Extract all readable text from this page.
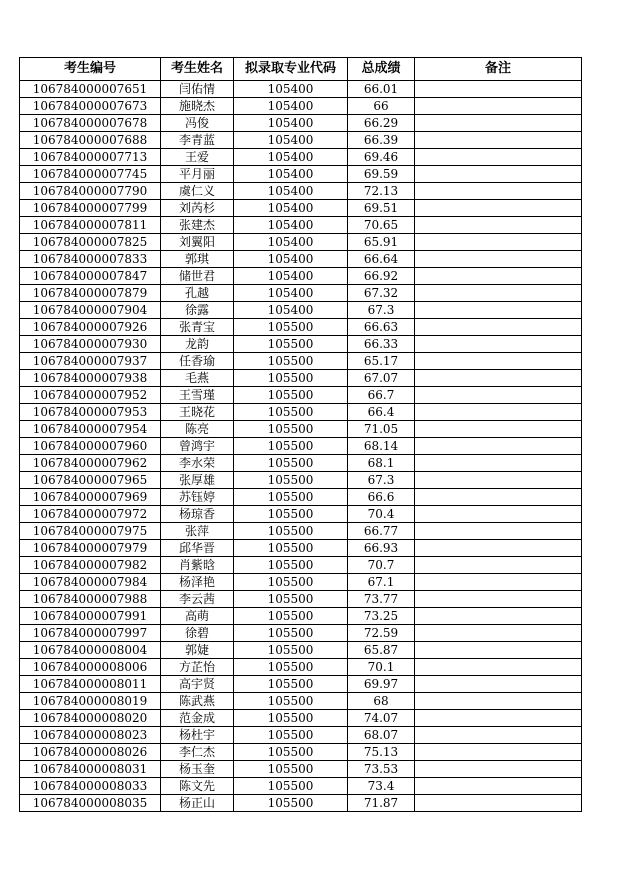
考生编号	考生姓名	拟录取专业代码	总成绩	备注
106784000007651	闫佑情	105400	66.01	
106784000007673	施晓杰	105400	66	
106784000007678	冯俊	105400	66.29	
106784000007688	李青蓝	105400	66.39	
106784000007713	王爱	105400	69.46	
106784000007745	平月丽	105400	69.59	
106784000007790	虞仁义	105400	72.13	
106784000007799	刘芮杉	105400	69.51	
106784000007811	张建杰	105400	70.65	
106784000007825	刘翼阳	105400	65.91	
106784000007833	郭琪	105400	66.64	
106784000007847	储世君	105400	66.92	
106784000007879	孔越	105400	67.32	
106784000007904	徐露	105400	67.3	
106784000007926	张青宝	105500	66.63	
106784000007930	龙韵	105500	66.33	
106784000007937	任香瑜	105500	65.17	
106784000007938	毛燕	105500	67.07	
106784000007952	王雪瑾	105500	66.7	
106784000007953	王晓花	105500	66.4	
106784000007954	陈亮	105500	71.05	
106784000007960	曾鸿宇	105500	68.14	
106784000007962	李水荣	105500	68.1	
106784000007965	张厚雄	105500	67.3	
106784000007969	苏钰婷	105500	66.6	
106784000007972	杨琼香	105500	70.4	
106784000007975	张萍	105500	66.77	
106784000007979	邱华晋	105500	66.93	
106784000007982	肖紫晗	105500	70.7	
106784000007984	杨泽艳	105500	67.1	
106784000007988	李云茜	105500	73.77	
106784000007991	高萌	105500	73.25	
106784000007997	徐碧	105500	72.59	
106784000008004	郭婕	105500	65.87	
106784000008006	方芷怡	105500	70.1	
106784000008011	高宇贤	105500	69.97	
106784000008019	陈武燕	105500	68	
106784000008020	范金成	105500	74.07	
106784000008023	杨杜宇	105500	68.07	
106784000008026	李仁杰	105500	75.13	
106784000008031	杨玉奎	105500	73.53	
106784000008033	陈文先	105500	73.4	
106784000008035	杨正山	105500	71.87	
